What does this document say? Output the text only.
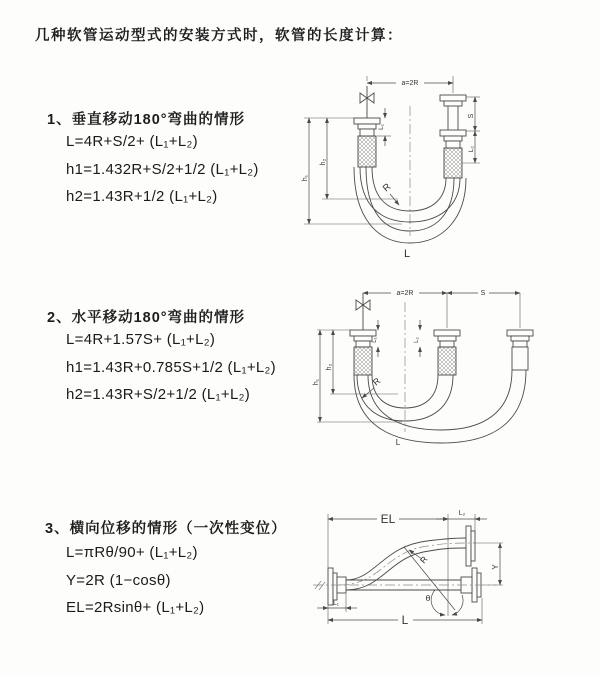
几种软管运动型式的安装方式时，软管的长度计算：
1、垂直移动180°弯曲的情形
L=4R+S/2+ (L₁+L₂)
h1=1.432R+S/2+1/2 (L₁+L₂)
h2=1.43R+1/2 (L₁+L₂)
2、水平移动180°弯曲的情形
L=4R+1.57S+ (L₁+L₂)
h1=1.43R+0.785S+1/2 (L₁+L₂)
h2=1.43R+S/2+1/2 (L₁+L₂)
3、横向位移的情形（一次性变位）
L=πRθ/90+ (L₁+L₂)
Y=2R (1−cosθ)
EL=2Rsinθ+ (L₁+L₂)
a=2R
R
h₁
h₂
L₁
S
L₂
L
a=2R	S
R
h₁
h₂
L₁	L₂
L
EL	L₂
Y
R
θ
L₁
L
